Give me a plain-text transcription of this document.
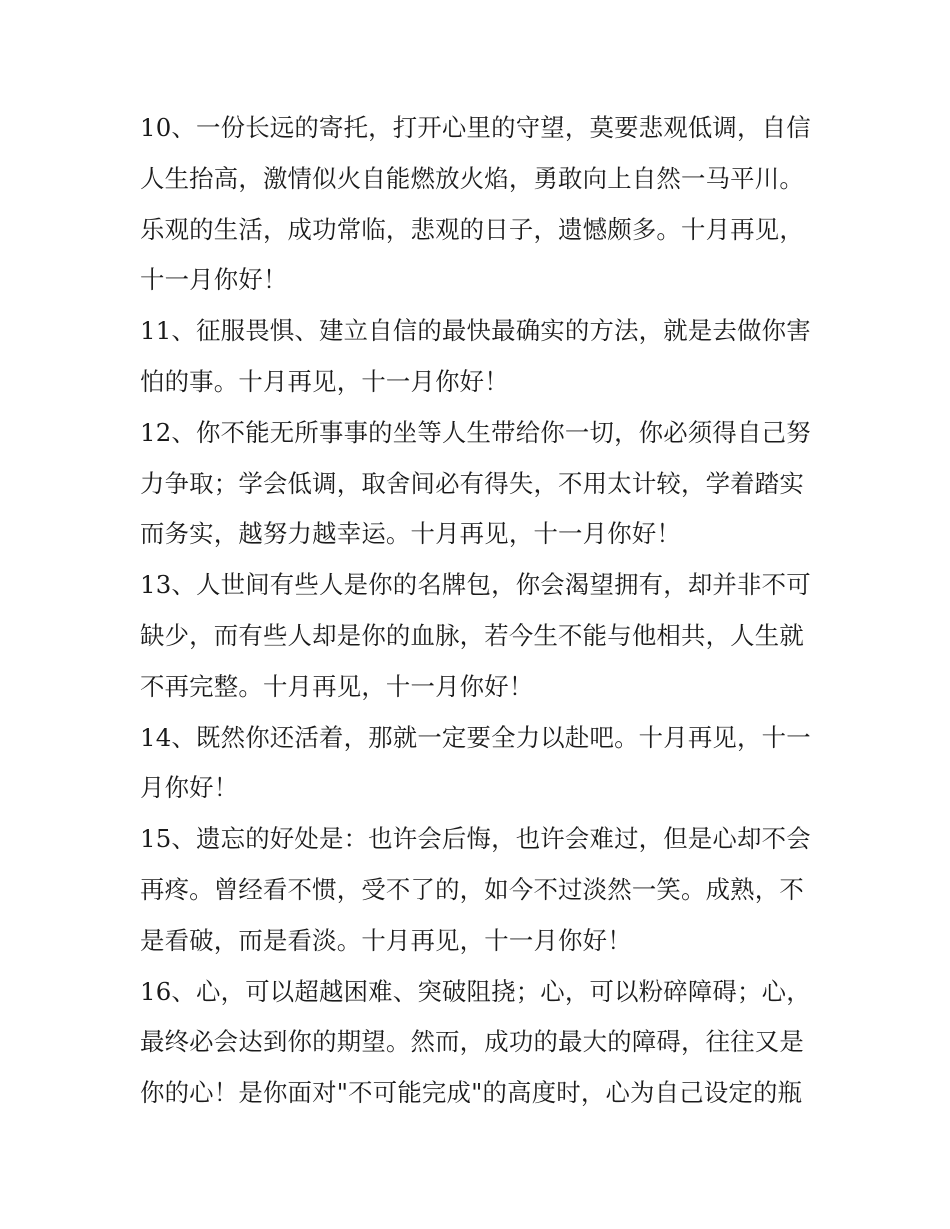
10、一份长远的寄托，打开心里的守望，莫要悲观低调，自信
人生抬高，激情似火自能燃放火焰，勇敢向上自然一马平川。
乐观的生活，成功常临，悲观的日子，遗憾颇多。十月再见，
十一月你好！
11、征服畏惧、建立自信的最快最确实的方法，就是去做你害
怕的事。十月再见，十一月你好！
12、你不能无所事事的坐等人生带给你一切，你必须得自己努
力争取；学会低调，取舍间必有得失，不用太计较，学着踏实
而务实，越努力越幸运。十月再见，十一月你好！
13、人世间有些人是你的名牌包，你会渴望拥有，却并非不可
缺少，而有些人却是你的血脉，若今生不能与他相共，人生就
不再完整。十月再见，十一月你好！
14、既然你还活着，那就一定要全力以赴吧。十月再见，十一
月你好！
15、遗忘的好处是：也许会后悔，也许会难过，但是心却不会
再疼。曾经看不惯，受不了的，如今不过淡然一笑。成熟，不
是看破，而是看淡。十月再见，十一月你好！
16、心，可以超越困难、突破阻挠；心，可以粉碎障碍；心，
最终必会达到你的期望。然而，成功的最大的障碍，往往又是
你的心！是你面对"不可能完成"的高度时，心为自己设定的瓶
